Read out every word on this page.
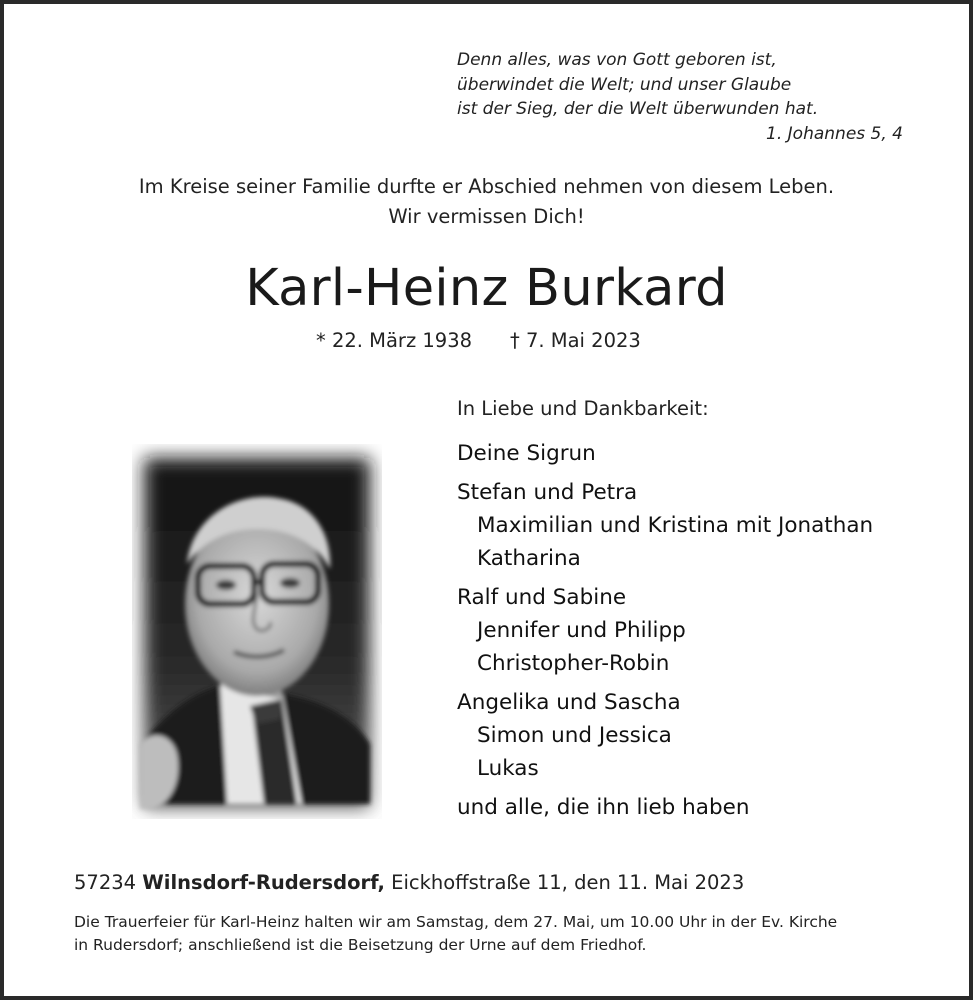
Denn alles, was von Gott geboren ist,
überwindet die Welt; und unser Glaube
ist der Sieg, der die Welt überwunden hat.
1. Johannes 5, 4
Im Kreise seiner Familie durfte er Abschied nehmen von diesem Leben.
Wir vermissen Dich!
Karl-Heinz Burkard
* 22. März 1938 † 7. Mai 2023
In Liebe und Dankbarkeit:
Deine Sigrun
Stefan und Petra
Maximilian und Kristina mit Jonathan
Katharina
Ralf und Sabine
Jennifer und Philipp
Christopher-Robin
Angelika und Sascha
Simon und Jessica
Lukas
und alle, die ihn lieb haben
57234 Wilnsdorf-Rudersdorf, Eickhoffstraße 11, den 11. Mai 2023
Die Trauerfeier für Karl-Heinz halten wir am Samstag, dem 27. Mai, um 10.00 Uhr in der Ev. Kirche
in Rudersdorf; anschließend ist die Beisetzung der Urne auf dem Friedhof.
